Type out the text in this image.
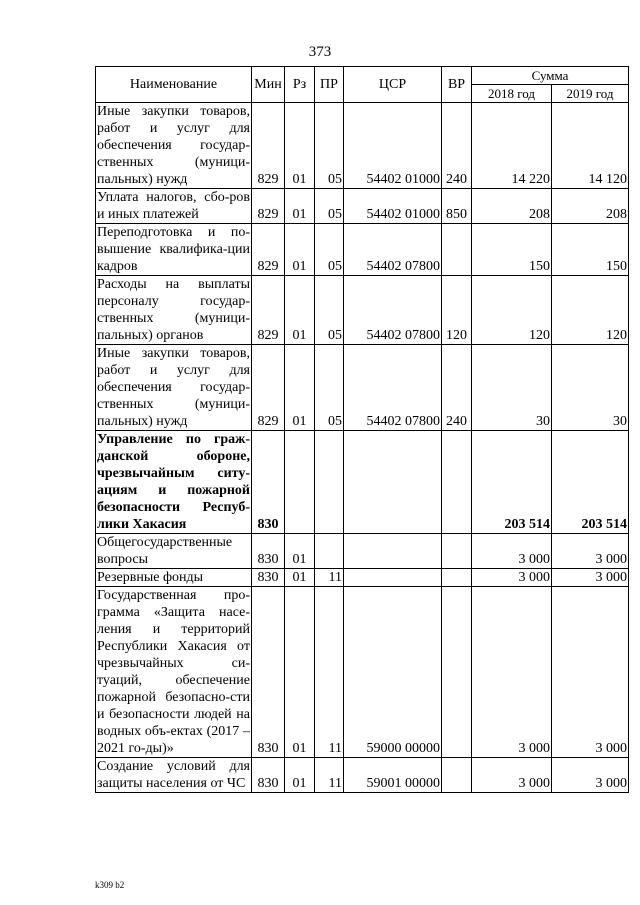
373
Наименование	Мин	Рз	ПР	ЦСР	ВР	Сумма	
						2018 год	2019 год
Иные закупки товаров, работ и услуг для обеспечения государ-ственных (муници-пальных) нужд	829	01	05	54402 01000	240	14 220	14 120
Уплата налогов, сбо-ров и иных платежей	829	01	05	54402 01000	850	208	208
Переподготовка и по-вышение квалифика-ции кадров	829	01	05	54402 07800		150	150
Расходы на выплаты персоналу государ-ственных (муници-пальных) органов	829	01	05	54402 07800	120	120	120
Иные закупки товаров, работ и услуг для обеспечения государ-ственных (муници-пальных) нужд	829	01	05	54402 07800	240	30	30
Управление по граж-данской обороне, чрезвычайным ситу-ациям и пожарной безопасности Респуб-лики Хакасия	830					203 514	203 514
Общегосударственные вопросы	830	01				3 000	3 000
Резервные фонды	830	01	11			3 000	3 000
Государственная про-грамма «Защита насе-ления и территорий Республики Хакасия от чрезвычайных си-туаций, обеспечение пожарной безопасно-сти и безопасности людей на водных объ-ектах (2017 – 2021 го-ды)»	830	01	11	59000 00000		3 000	3 000
Создание условий для защиты населения от ЧС	830	01	11	59001 00000		3 000	3 000
k309 b2
